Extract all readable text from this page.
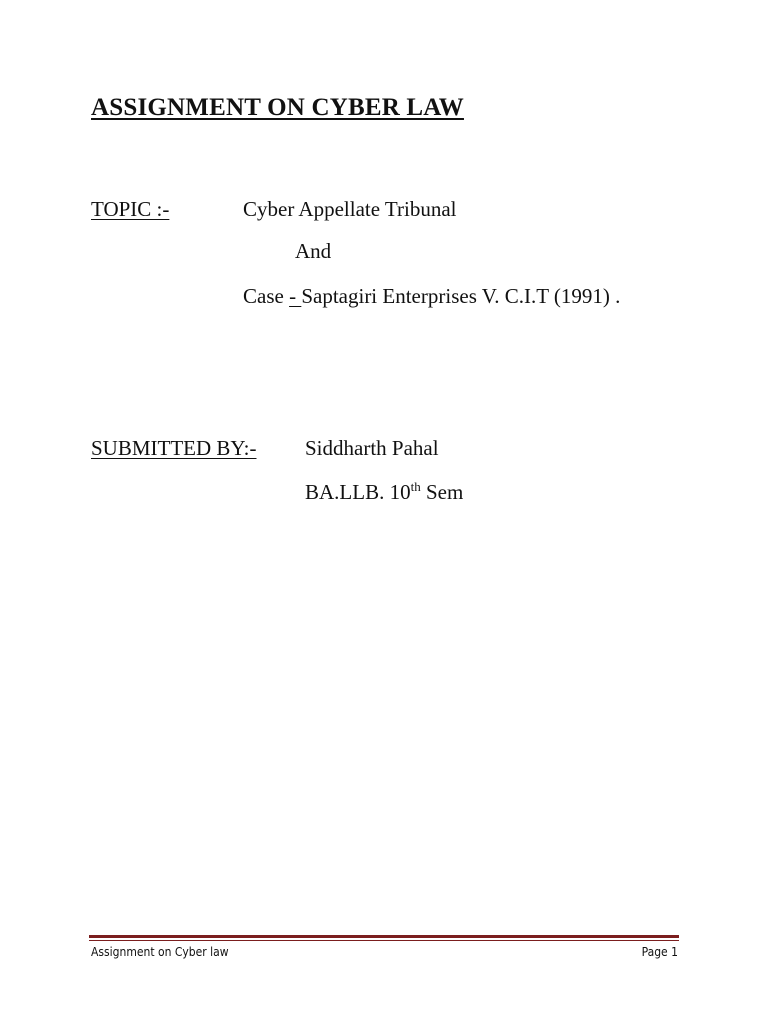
ASSIGNMENT ON CYBER LAW
TOPIC :-	Cyber Appellate Tribunal
And
Case - Saptagiri Enterprises V. C.I.T (1991) .
SUBMITTED BY:- Siddharth Pahal
BA.LLB. 10th Sem
Assignment on Cyber law	Page 1
